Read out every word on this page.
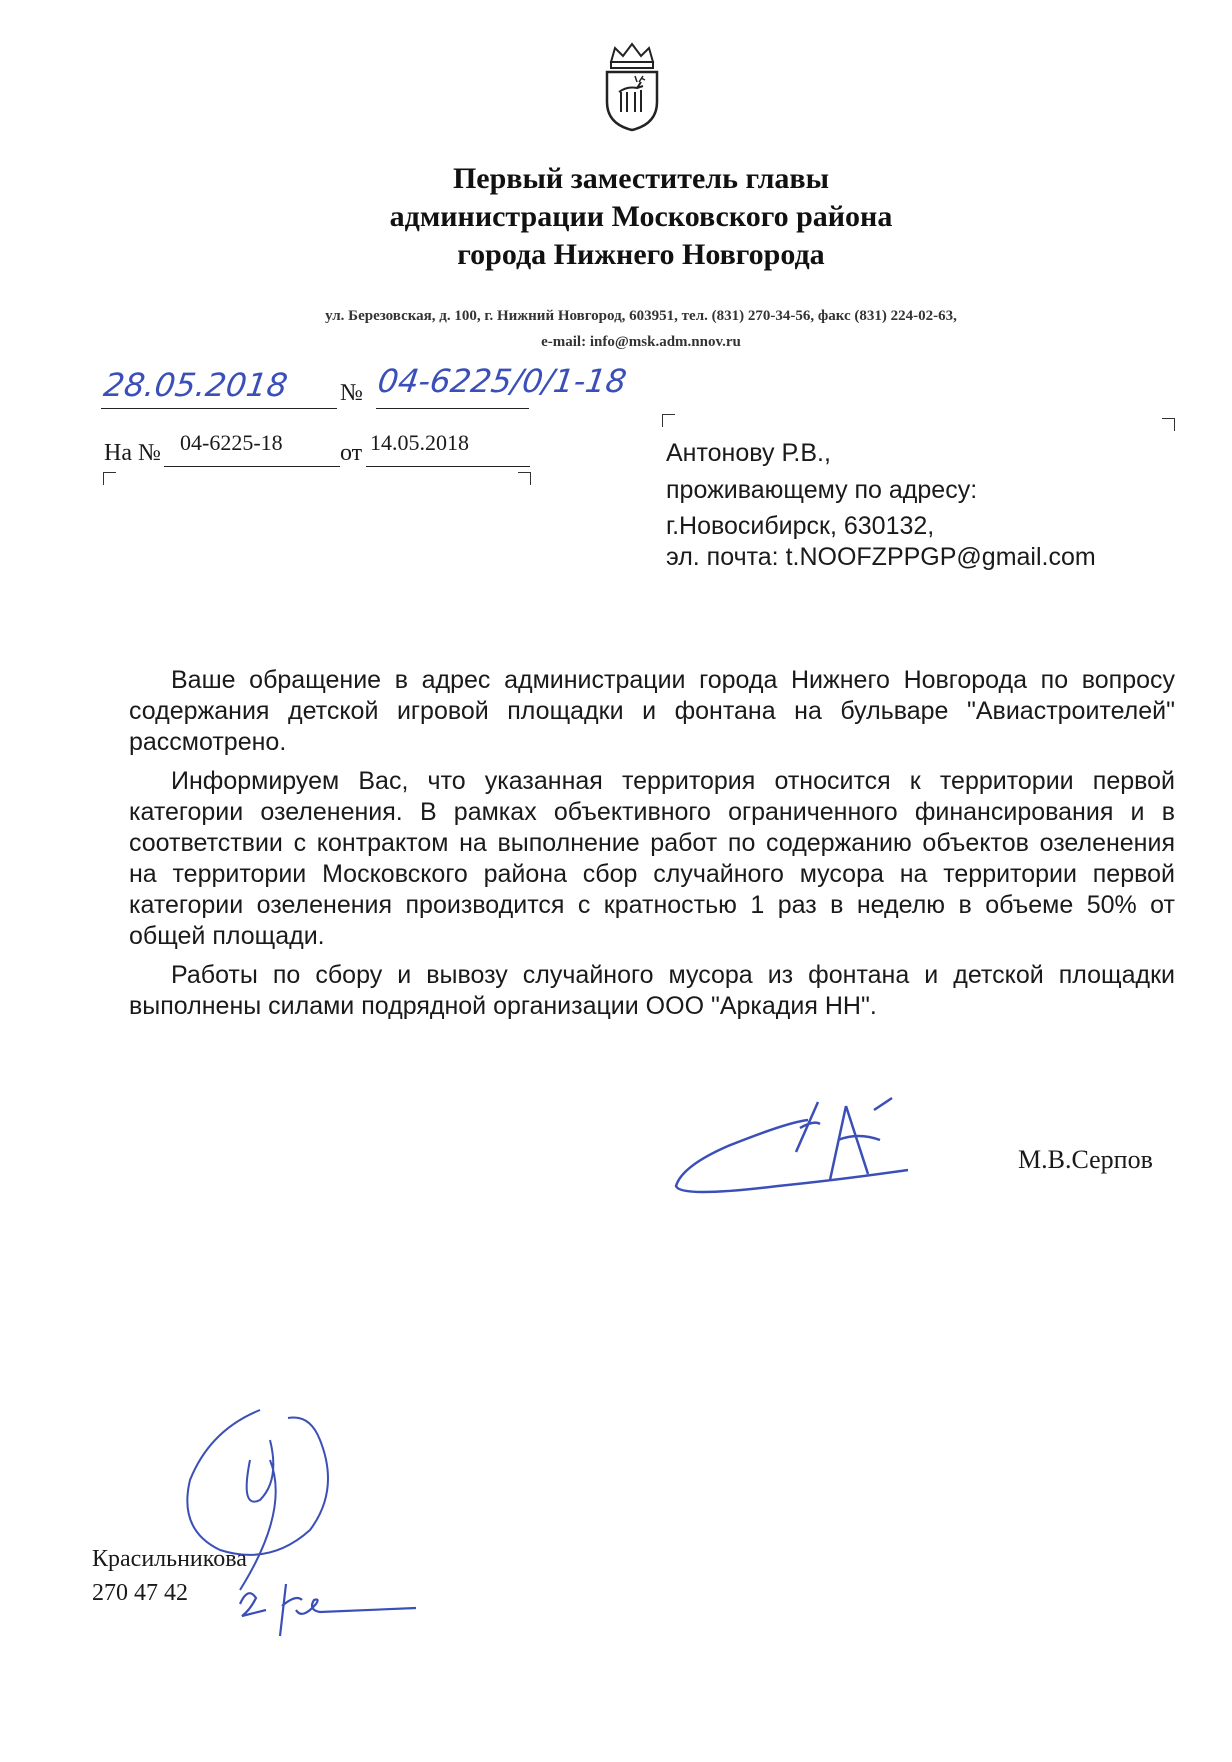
Первый заместитель главы
администрации Московского района
города Нижнего Новгорода
ул. Березовская, д. 100, г. Нижний Новгород, 603951, тел. (831) 270-34-56, факс (831) 224-02-63,
e-mail: info@msk.adm.nnov.ru
28.05.2018 № 04-6225/0/1-18
На № 04-6225-18 от 14.05.2018	Антонову Р.В.,
проживающему по адресу:
г.Новосибирск, 630132,
эл. почта: t.NOOFZPPGP@gmail.com

Ваше обращение в адрес администрации города Нижнего Новгорода по вопросу содержания детской игровой площадки и фонтана на бульваре "Авиастроителей" рассмотрено.

Информируем Вас, что указанная территория относится к территории первой категории озеленения. В рамках объективного ограниченного финансирования и в соответствии с контрактом на выполнение работ по содержанию объектов озеленения на территории Московского района сбор случайного мусора на территории первой категории озеленения производится с кратностью 1 раз в неделю в объеме 50% от общей площади.

Работы по сбору и вывозу случайного мусора из фонтана и детской площадки выполнены силами подрядной организации ООО "Аркадия НН".

М.В.Серпов
Красильникова
270 47 42
